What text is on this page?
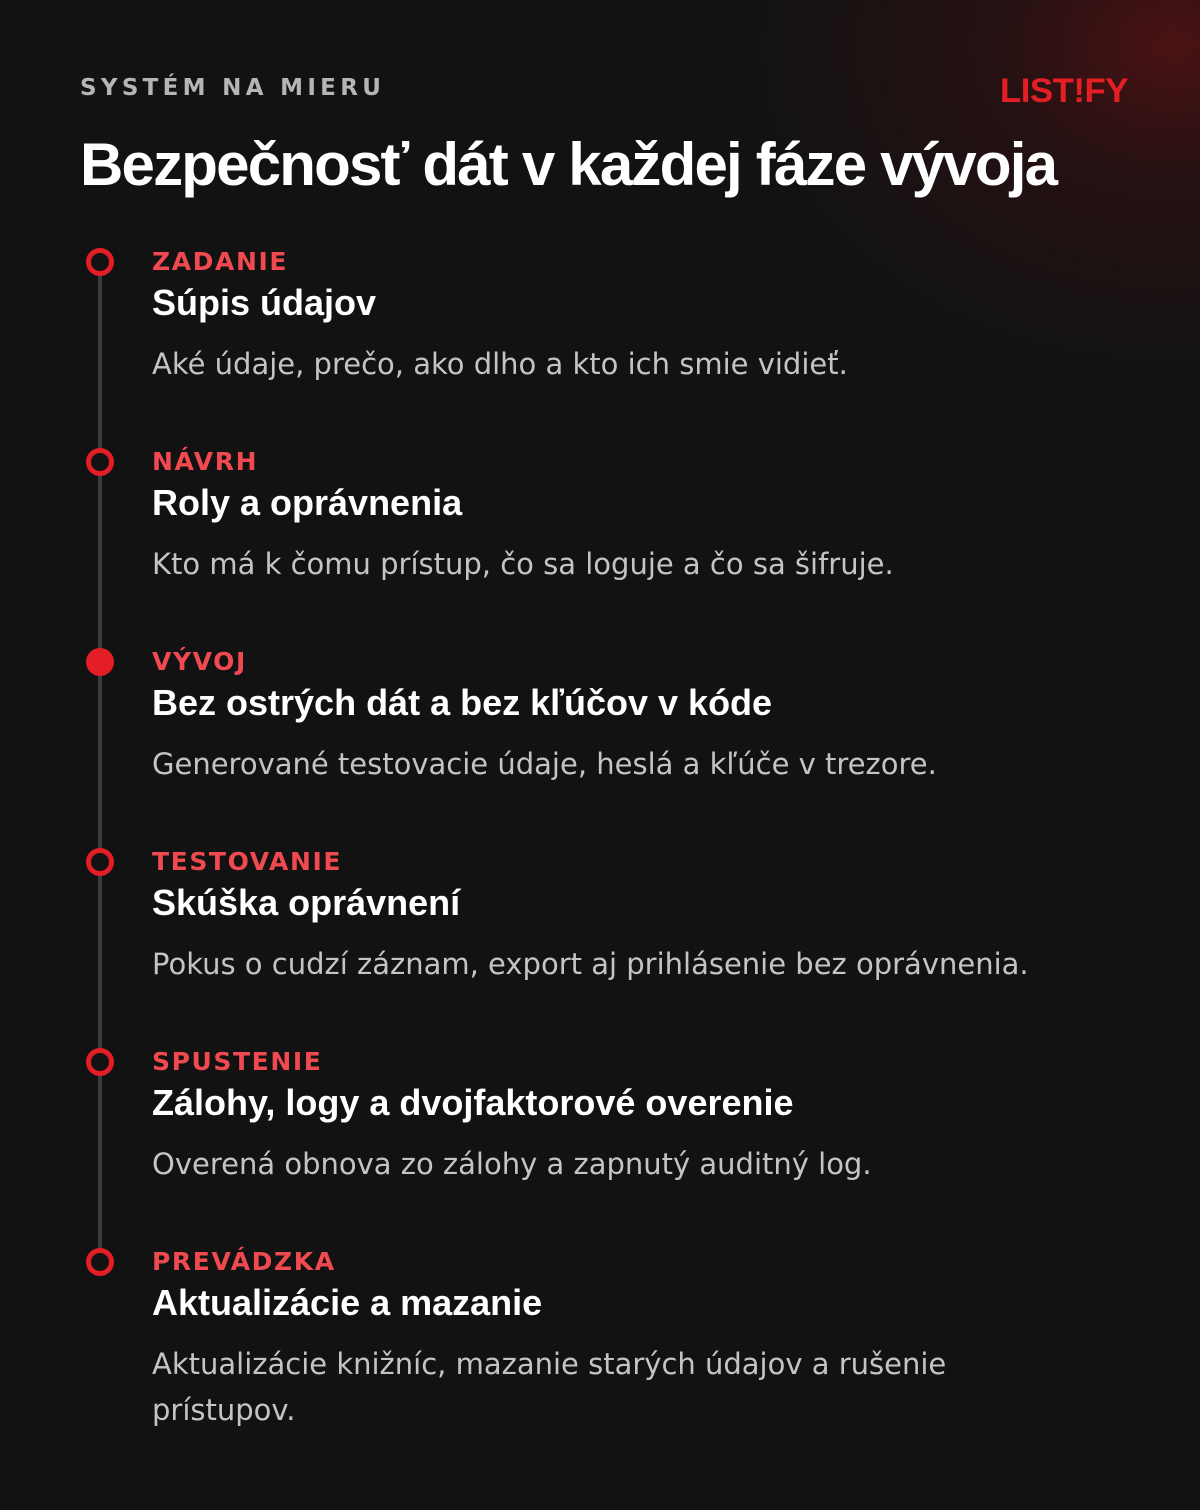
SYSTÉM NA MIERU	LIST!FY
Bezpečnosť dát v každej fáze vývoja
ZADANIE
Súpis údajov
Aké údaje, prečo, ako dlho a kto ich smie vidieť.
NÁVRH
Roly a oprávnenia
Kto má k čomu prístup, čo sa loguje a čo sa šifruje.
VÝVOJ
Bez ostrých dát a bez kľúčov v kóde
Generované testovacie údaje, heslá a kľúče v trezore.
TESTOVANIE
Skúška oprávnení
Pokus o cudzí záznam, export aj prihlásenie bez oprávnenia.
SPUSTENIE
Zálohy, logy a dvojfaktorové overenie
Overená obnova zo zálohy a zapnutý auditný log.
PREVÁDZKA
Aktualizácie a mazanie
Aktualizácie knižníc, mazanie starých údajov a rušenie prístupov.
